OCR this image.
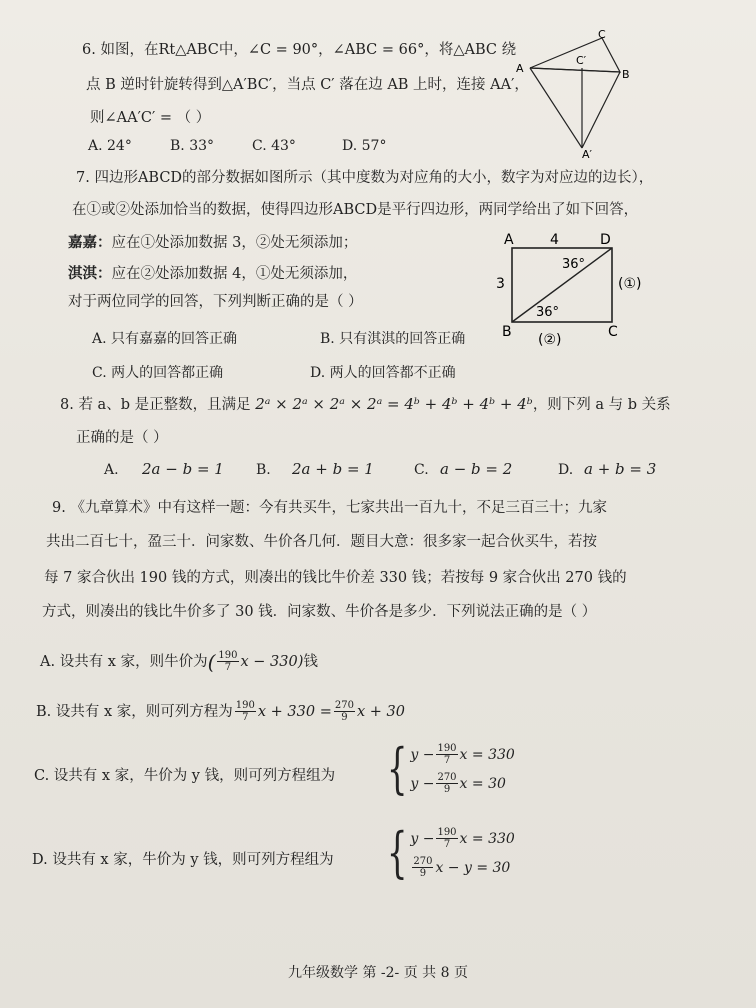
6. 如图，在Rt△ABC中，∠C = 90°，∠ABC = 66°，将△ABC 绕
点 B 逆时针旋转得到△A′BC′，当点 C′ 落在边 AB 上时，连接 AA′，
则∠AA′C′ = （ ）
A. 24°	B. 33°	C. 43°	D. 57°
A	B
C
C′
A′
7. 四边形ABCD的部分数据如图所示（其中度数为对应角的大小，数字为对应边的边长），
在①或②处添加恰当的数据，使得四边形ABCD是平行四边形，两同学给出了如下回答，
嘉嘉：应在①处添加数据 3，②处无须添加；
淇淇：应在②处添加数据 4，①处无须添加，
对于两位同学的回答，下列判断正确的是（ ）
A. 只有嘉嘉的回答正确	B. 只有淇淇的回答正确
C. 两人的回答都正确	D. 两人的回答都不正确
A	D
B	C
4
3
36°
36°
(①)
(②)
8. 若 a、b 是正整数，且满足 2ᵃ × 2ᵃ × 2ᵃ × 2ᵃ = 4ᵇ + 4ᵇ + 4ᵇ + 4ᵇ，则下列 a 与 b 关系
正确的是（ ）
A. 2a − b = 1 B. 2a + b = 1	C. a − b = 2	D. a + b = 3
9. 《九章算术》中有这样一题：今有共买牛，七家共出一百九十，不足三百三十；九家
共出二百七十，盈三十．问家数、牛价各几何．题目大意：很多家一起合伙买牛，若按
每 7 家合伙出 190 钱的方式，则凑出的钱比牛价差 330 钱；若按每 9 家合伙出 270 钱的
方式，则凑出的钱比牛价多了 30 钱．问家数、牛价各是多少．下列说法正确的是（ ）
A. 设共有 x 家，则牛价为 ( $\frac{190}{7}$ x − 330) 钱
B. 设共有 x 家，则可列方程为 $\frac{190}{7}$ $x + 330 = \frac{270}{9}$ x + 30
C. 设共有 x 家，牛价为 y 钱，则可列方程组为 { $y - \frac{190}{7}$ x = 330
$y - \frac{270}{9}$ x = 30
D. 设共有 x 家，牛价为 y 钱，则可列方程组为 { $y - \frac{190}{7}$ x = 330
$\frac{270}{9}$ x − y = 30
九年级数学 第 -2- 页 共 8 页
